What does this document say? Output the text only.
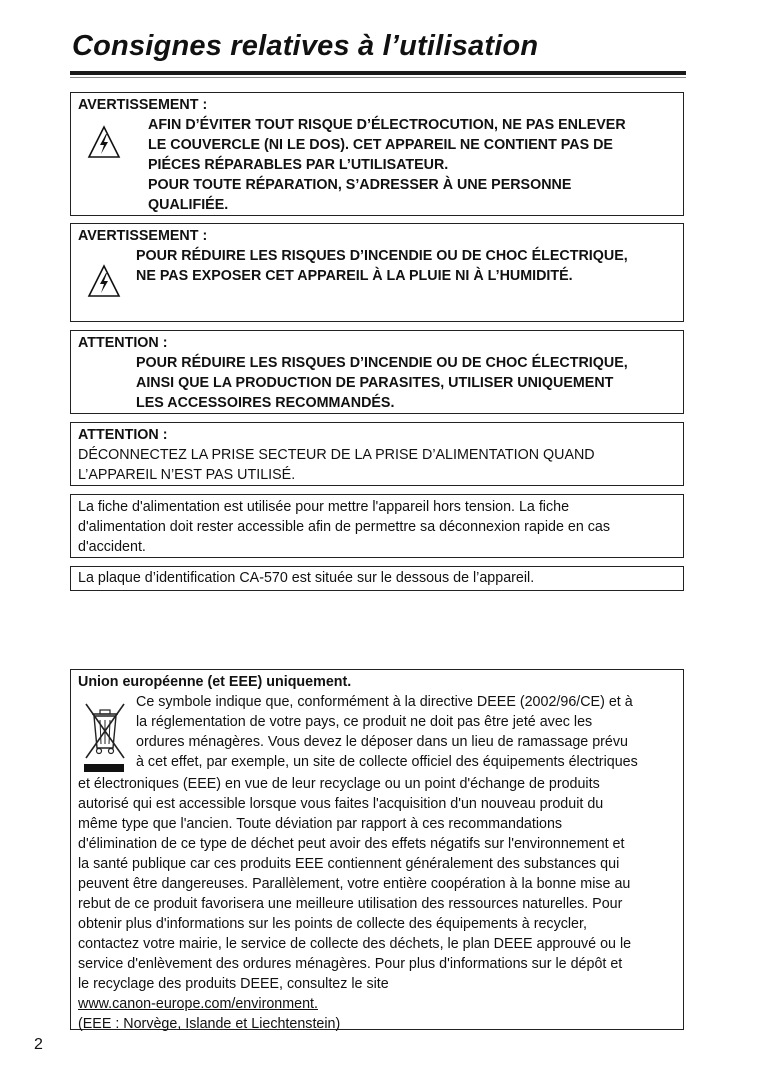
Consignes relatives à l’utilisation
AVERTISSEMENT :
AFIN D’ÉVITER TOUT RISQUE D’ÉLECTROCUTION, NE PAS ENLEVER
LE COUVERCLE (NI LE DOS). CET APPAREIL NE CONTIENT PAS DE
PIÉCES RÉPARABLES PAR L’UTILISATEUR.
POUR TOUTE RÉPARATION, S’ADRESSER À UNE PERSONNE
QUALIFIÉE.
AVERTISSEMENT :
POUR RÉDUIRE LES RISQUES D’INCENDIE OU DE CHOC ÉLECTRIQUE,
NE PAS EXPOSER CET APPAREIL À LA PLUIE NI À L’HUMIDITÉ.
ATTENTION :
POUR RÉDUIRE LES RISQUES D’INCENDIE OU DE CHOC ÉLECTRIQUE,
AINSI QUE LA PRODUCTION DE PARASITES, UTILISER UNIQUEMENT
LES ACCESSOIRES RECOMMANDÉS.
ATTENTION :
DÉCONNECTEZ LA PRISE SECTEUR DE LA PRISE D’ALIMENTATION QUAND
L’APPAREIL N’EST PAS UTILISÉ.
La fiche d'alimentation est utilisée pour mettre l'appareil hors tension. La fiche
d'alimentation doit rester accessible afin de permettre sa déconnexion rapide en cas
d'accident.
La plaque d’identification CA-570 est située sur le dessous de l’appareil.
Union européenne (et EEE) uniquement.
Ce symbole indique que, conformément à la directive DEEE (2002/96/CE) et à
la réglementation de votre pays, ce produit ne doit pas être jeté avec les
ordures ménagères. Vous devez le déposer dans un lieu de ramassage prévu
à cet effet, par exemple, un site de collecte officiel des équipements électriques
et électroniques (EEE) en vue de leur recyclage ou un point d'échange de produits
autorisé qui est accessible lorsque vous faites l'acquisition d'un nouveau produit du
même type que l'ancien. Toute déviation par rapport à ces recommandations
d'élimination de ce type de déchet peut avoir des effets négatifs sur l'environnement et
la santé publique car ces produits EEE contiennent généralement des substances qui
peuvent être dangereuses. Parallèlement, votre entière coopération à la bonne mise au
rebut de ce produit favorisera une meilleure utilisation des ressources naturelles. Pour
obtenir plus d'informations sur les points de collecte des équipements à recycler,
contactez votre mairie, le service de collecte des déchets, le plan DEEE approuvé ou le
service d'enlèvement des ordures ménagères. Pour plus d'informations sur le dépôt et
le recyclage des produits DEEE, consultez le site
www.canon-europe.com/environment.
(EEE : Norvège, Islande et Liechtenstein)
2
